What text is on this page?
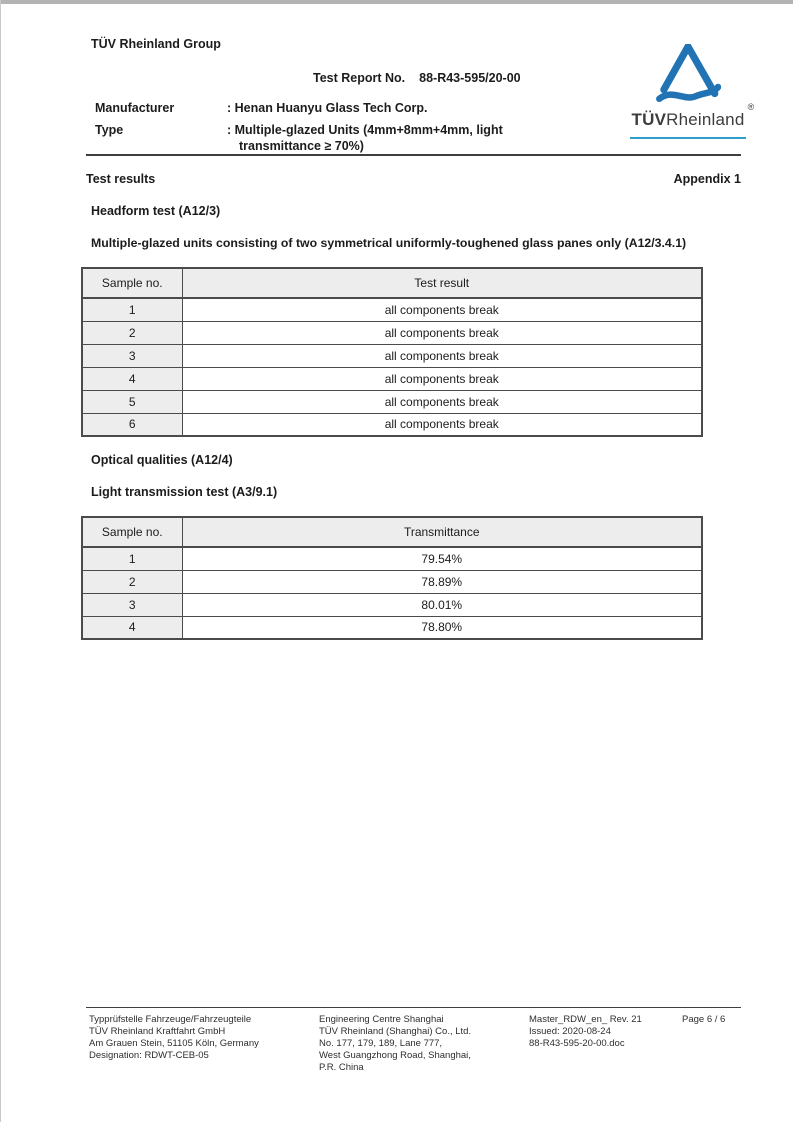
TÜV Rheinland Group
Test Report No. 88-R43-595/20-00
Manufacturer	: Henan Huanyu Glass Tech Corp.
Type	: Multiple-glazed Units (4mm+8mm+4mm, light
transmittance ≥ 70%)
TÜVRheinland
®
Test results	Appendix 1
Headform test (A12/3)
Multiple-glazed units consisting of two symmetrical uniformly-toughened glass panes only (A12/3.4.1)
Sample no.	Test result
1	all components break
2	all components break
3	all components break
4	all components break
5	all components break
6	all components break
Optical qualities (A12/4)
Light transmission test (A3/9.1)
Sample no.	Transmittance
1	79.54%
2	78.89%
3	80.01%
4	78.80%
Typprüfstelle Fahrzeuge/Fahrzeugteile
TÜV Rheinland Kraftfahrt GmbH
Am Grauen Stein, 51105 Köln, Germany
Designation: RDWT-CEB-05
Engineering Centre Shanghai
TÜV Rheinland (Shanghai) Co., Ltd.
No. 177, 179, 189, Lane 777,
West Guangzhong Road, Shanghai,
P.R. China
Master_RDW_en_ Rev. 21
Issued: 2020-08-24
88-R43-595-20-00.doc
Page 6 / 6
